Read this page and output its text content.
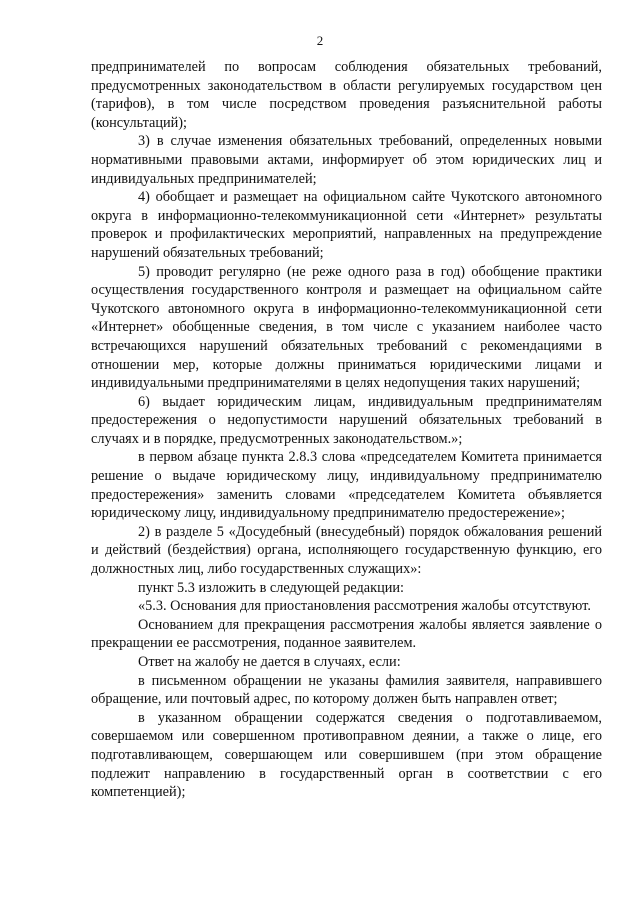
2

предпринимателей по вопросам соблюдения обязательных требований, предусмотренных законодательством в области регулируемых государством цен (тарифов), в том числе посредством проведения разъяснительной работы (консультаций);

3) в случае изменения обязательных требований, определенных новыми нормативными правовыми актами, информирует об этом юридических лиц и индивидуальных предпринимателей;

4) обобщает и размещает на официальном сайте Чукотского автономного округа в информационно-телекоммуникационной сети «Интернет» результаты проверок и профилактических мероприятий, направленных на предупреждение нарушений обязательных требований;

5) проводит регулярно (не реже одного раза в год) обобщение практики осуществления государственного контроля и размещает на официальном сайте Чукотского автономного округа в информационно-телекоммуникационной сети «Интернет» обобщенные сведения, в том числе с указанием наиболее часто встречающихся нарушений обязательных требований с рекомендациями в отношении мер, которые должны приниматься юридическими лицами и индивидуальными предпринимателями в целях недопущения таких нарушений;

6) выдает юридическим лицам, индивидуальным предпринимателям предостережения о недопустимости нарушений обязательных требований в случаях и в порядке, предусмотренных законодательством.»;

в первом абзаце пункта 2.8.3 слова «председателем Комитета принимается решение о выдаче юридическому лицу, индивидуальному предпринимателю предостережения» заменить словами «председателем Комитета объявляется юридическому лицу, индивидуальному предпринимателю предостережение»;

2) в разделе 5 «Досудебный (внесудебный) порядок обжалования решений и действий (бездействия) органа, исполняющего государственную функцию, его должностных лиц, либо государственных служащих»:

пункт 5.3 изложить в следующей редакции:

«5.3. Основания для приостановления рассмотрения жалобы отсутствуют.

Основанием для прекращения рассмотрения жалобы является заявление о прекращении ее рассмотрения, поданное заявителем.

Ответ на жалобу не дается в случаях, если:

в письменном обращении не указаны фамилия заявителя, направившего обращение, или почтовый адрес, по которому должен быть направлен ответ;

в указанном обращении содержатся сведения о подготавливаемом, совершаемом или совершенном противоправном деянии, а также о лице, его подготавливающем, совершающем или совершившем (при этом обращение подлежит направлению в государственный орган в соответствии с его компетенцией);
